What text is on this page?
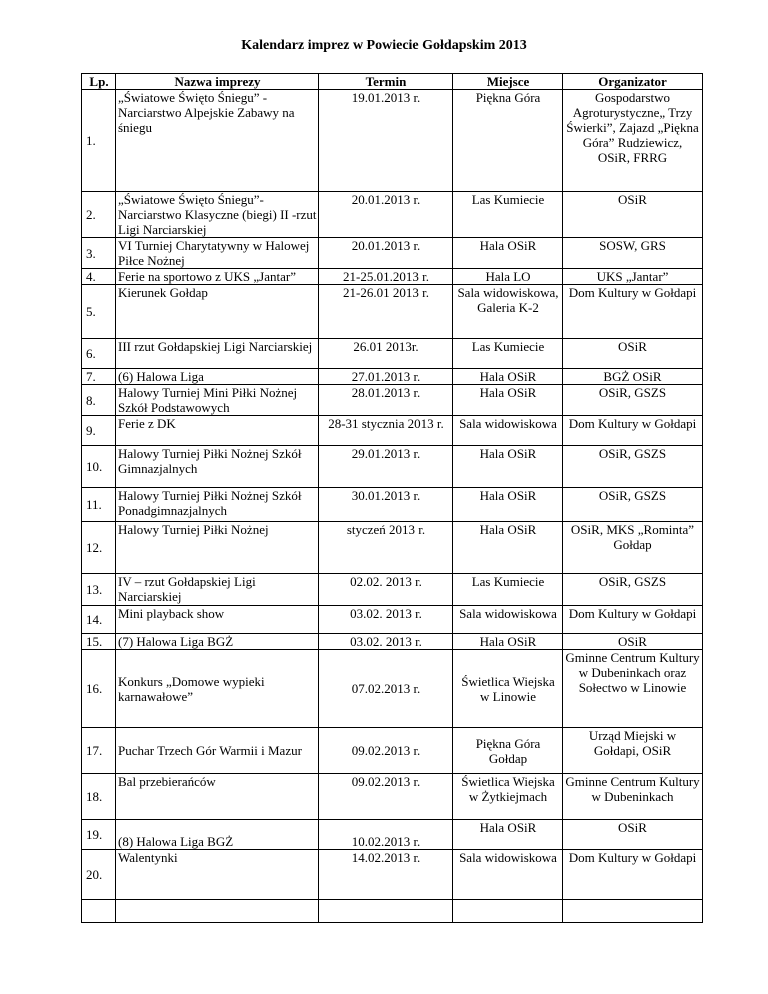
Kalendarz imprez w Powiecie Gołdapskim 2013
Lp.	Nazwa imprezy	Termin	Miejsce	Organizator
1.	„Światowe Święto Śniegu” - Narciarstwo Alpejskie Zabawy na śniegu	19.01.2013 r.	Piękna Góra	Gospodarstwo Agroturystyczne„ Trzy Świerki”, Zajazd „Piękna Góra” Rudziewicz, OSiR, FRRG
2.	„Światowe Święto Śniegu”- Narciarstwo Klasyczne (biegi) II -rzut Ligi Narciarskiej	20.01.2013 r.	Las Kumiecie	OSiR
3.	VI Turniej Charytatywny w Halowej Piłce Nożnej	20.01.2013 r.	Hala OSiR	SOSW, GRS
4.	Ferie na sportowo z UKS „Jantar”	21-25.01.2013 r.	Hala LO	UKS „Jantar”
5.	Kierunek Gołdap	21-26.01 2013 r.	Sala widowiskowa, Galeria K-2	Dom Kultury w Gołdapi
6.	III rzut Gołdapskiej Ligi Narciarskiej	26.01 2013r.	Las Kumiecie	OSiR
7.	(6) Halowa Liga	27.01.2013 r.	Hala OSiR	BGŻ OSiR
8.	Halowy Turniej Mini Piłki Nożnej Szkół Podstawowych	28.01.2013 r.	Hala OSiR	OSiR, GSZS
9.	Ferie z DK	28-31 stycznia 2013 r.	Sala widowiskowa	Dom Kultury w Gołdapi
10.	Halowy Turniej Piłki Nożnej Szkół Gimnazjalnych	29.01.2013 r.	Hala OSiR	OSiR, GSZS
11.	Halowy Turniej Piłki Nożnej Szkół Ponadgimnazjalnych	30.01.2013 r.	Hala OSiR	OSiR, GSZS
12.	Halowy Turniej Piłki Nożnej	styczeń 2013 r.	Hala OSiR	OSiR, MKS „Rominta” Gołdap
13.	IV – rzut Gołdapskiej Ligi Narciarskiej	02.02. 2013 r.	Las Kumiecie	OSiR, GSZS
14.	Mini playback show	03.02. 2013 r.	Sala widowiskowa	Dom Kultury w Gołdapi
15.	(7) Halowa Liga BGŻ	03.02. 2013 r.	Hala OSiR	OSiR
16.	Konkurs „Domowe wypieki karnawałowe”	07.02.2013 r.	Świetlica Wiejska w Linowie	Gminne Centrum Kultury w Dubeninkach oraz Sołectwo w Linowie
17.	Puchar Trzech Gór Warmii i Mazur	09.02.2013 r.	Piękna Góra Gołdap	Urząd Miejski w Gołdapi, OSiR
18.	Bal przebierańców	09.02.2013 r.	Świetlica Wiejska w Żytkiejmach	Gminne Centrum Kultury w Dubeninkach
19.	(8) Halowa Liga BGŻ	10.02.2013 r.	Hala OSiR	OSiR
20.	Walentynki	14.02.2013 r.	Sala widowiskowa	Dom Kultury w Gołdapi
